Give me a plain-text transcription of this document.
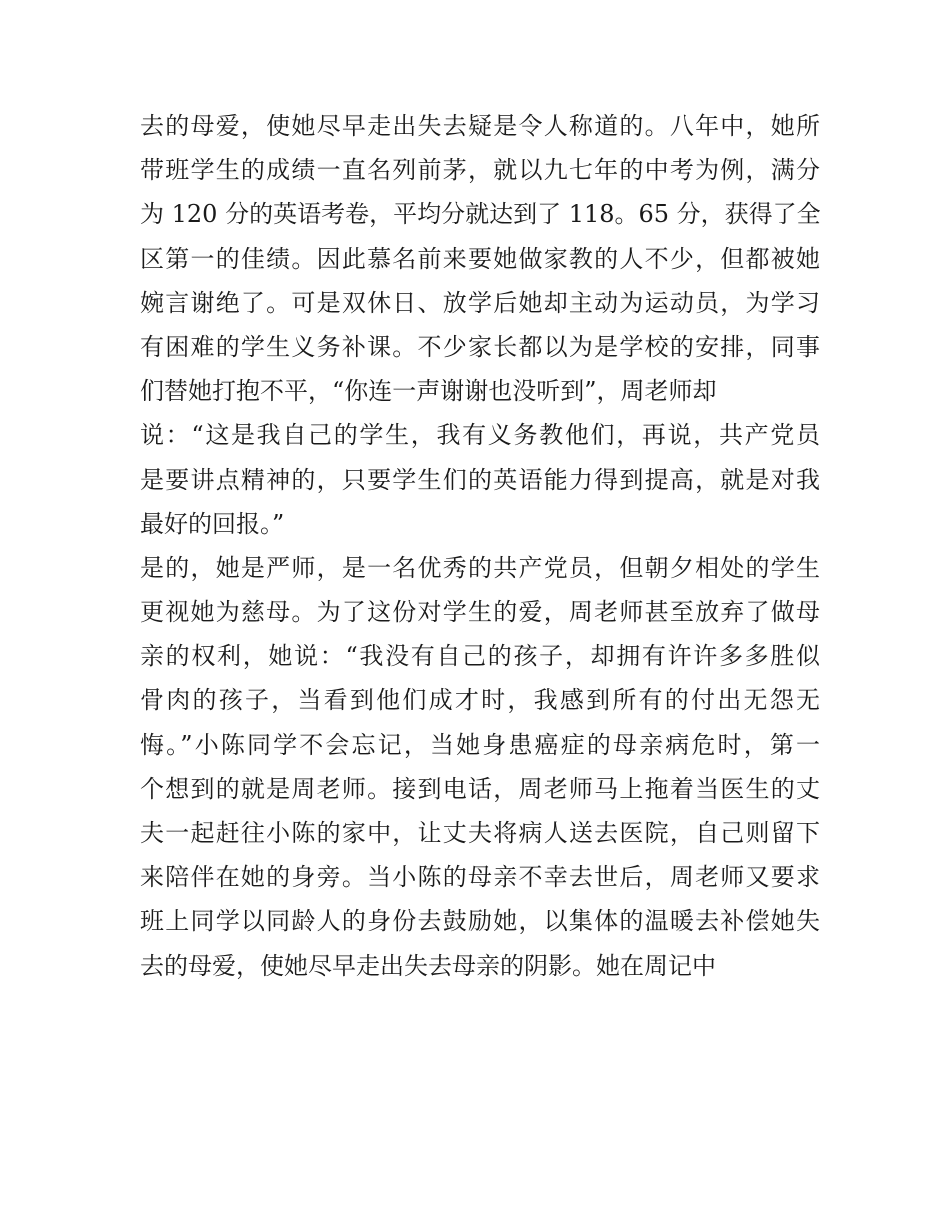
去的母爱，使她尽早走出失去疑是令人称道的。八年中，她所
带班学生的成绩一直名列前茅，就以九七年的中考为例，满分
为 120 分的英语考卷，平均分就达到了 118。65 分，获得了全
区第一的佳绩。因此慕名前来要她做家教的人不少，但都被她
婉言谢绝了。可是双休日、放学后她却主动为运动员，为学习
有困难的学生义务补课。不少家长都以为是学校的安排，同事
们替她打抱不平，“你连一声谢谢也没听到”，周老师却
说：“这是我自己的学生，我有义务教他们，再说，共产党员
是要讲点精神的，只要学生们的英语能力得到提高，就是对我
最好的回报。”
是的，她是严师，是一名优秀的共产党员，但朝夕相处的学生
更视她为慈母。为了这份对学生的爱，周老师甚至放弃了做母
亲的权利，她说：“我没有自己的孩子，却拥有许许多多胜似
骨肉的孩子，当看到他们成才时，我感到所有的付出无怨无
悔。”小陈同学不会忘记，当她身患癌症的母亲病危时，第一
个想到的就是周老师。接到电话，周老师马上拖着当医生的丈
夫一起赶往小陈的家中，让丈夫将病人送去医院，自己则留下
来陪伴在她的身旁。当小陈的母亲不幸去世后，周老师又要求
班上同学以同龄人的身份去鼓励她，以集体的温暖去补偿她失
去的母爱，使她尽早走出失去母亲的阴影。她在周记中
